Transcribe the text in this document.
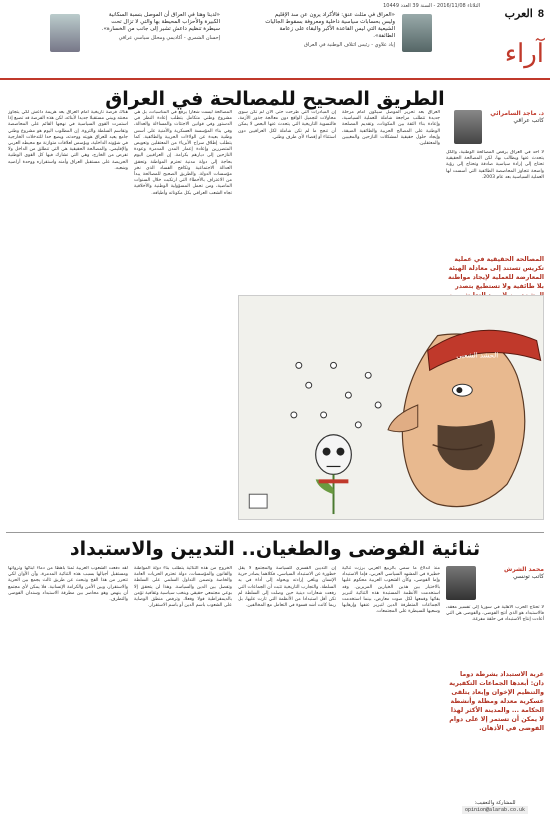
8 العرب
آراء
الثلاثاء 2016/11/08 - السنة 39 العدد 10449
«العراق في مثلث عنق: فالأكراد يرون عن سد الإقليم وليس بحسابات سياسية داخلية ومعروفة بسقوط الجاليات الشيعية التي ليس القاعدة الأكبر والبقاء على زعامة الطائفة».
إياد علاوي - رئيس ائتلاف الوطنية في العراق
«لدينا وهنا في العراق أن الموصل بنسبة السكانية الكبيرة والأحزاب المحيطة بها والتي لا تزال تحت سيطرة تنظيم داعش تشير إلى جانب من الخسارة».
إحسان الشمري - أكاديمي ومحلل سياسي عراقي
الطريق الصحيح للمصالحة في العراق
د. ماجد السامرائي
كاتب عراقي
لا أحد في العراق يرفض المصالحة الوطنية، والكل يتحدث عنها ويطالب بها، لكن المصالحة الحقيقية تحتاج إلى إرادة سياسية صادقة وتحتاج إلى رؤية واضحة تتجاوز المحاصصة الطائفية التي أسست لها العملية السياسية بعد عام 2003.
العراق بعد تحرير الموصل سيكون أمام مرحلة جديدة تتطلب مراجعة شاملة للعملية السياسية، وإعادة بناء الثقة بين المكونات، وتقديم المصلحة الوطنية على المصالح الحزبية والطائفية الضيقة، وإيجاد حلول حقيقية لمشكلات النازحين والمغيبين والمعتقلين.
إن المبادرات التي طرحت حتى الآن لم تكن سوى محاولات لتجميل الواقع دون معالجة جذور الأزمة، فالتسوية التاريخية التي يتحدث عنها البعض لا يمكن أن تنجح ما لم تكن شاملة لكل العراقيين دون استثناء أو إقصاء لأي طرف وطني.
المصالحة ليست شعارا يرفع في المناسبات، بل هي مشروع وطني متكامل يتطلب إعادة النظر في الدستور وفي قوانين الاجتثاث والمساءلة والعدالة، وفي بناء المؤسسة العسكرية والأمنية على أسس وطنية بعيدة عن الولاءات الحزبية والطائفية. كما يتطلب إطلاق سراح الأبرياء من المعتقلين وتعويض المتضررين وإعادة إعمار المدن المدمرة وعودة النازحين إلى ديارهم بكرامة. إن العراقيين اليوم بحاجة إلى دولة مدنية تحترم المواطنة وتحقق العدالة الاجتماعية وتكافح الفساد الذي نخر مؤسسات الدولة. والطريق الصحيح للمصالحة يبدأ من الاعتراف بالأخطاء التي ارتكبت خلال السنوات الماضية، ومن تحمل المسؤولية الوطنية والأخلاقية تجاه الشعب العراقي بكل مكوناته وأطيافه.
هناك فرصة تاريخية أمام العراق بعد هزيمة داعش لكي يتجاوز محنته ويبني مستقبلا جديدا لأبنائه، لكن هذه الفرصة قد تضيع إذا استمرت القوى السياسية في نهجها القائم على المحاصصة وتقاسم السلطة والثروة. إن المطلوب اليوم هو مشروع وطني جامع يعيد للعراق هويته ووحدته، ويضع حدا للتدخلات الخارجية في شؤونه الداخلية، ويؤسس لعلاقات متوازنة مع محيطه العربي والإقليمي. والمصالحة الحقيقية هي التي تنطلق من الداخل ولا تفرض من الخارج، وهي التي تشارك فيها كل القوى الوطنية الحريصة على مستقبل العراق وأمنه واستقراره ووحدة أراضيه وشعبه.
المصالحة الحقيقية في عملية تكريس تستند إلى معادلة الهيئة المعارضة للعملية لإيجاد مواطنة بلا طائفية ولا تستطيع بتصدر
الحشد الشعبي
ثنائية الفوضى والطغيان.. التديين والاستبداد
محمد الشرش
كاتب تونسي
لا تحتاج الحرب الأهلية في سوريا إلى تفسير معقد، فالاستبداد هو الذي أنتج الفوضى، والفوضى هي التي أعادت إنتاج الاستبداد في حلقة مفرغة.
منذ اندلاع ما سمي بالربيع العربي برزت ثنائية خطيرة في المشهد السياسي العربي، فإما الاستبداد وإما الفوضى، وكأن الشعوب العربية محكوم عليها بالاختيار بين هذين الخيارين المريرين. وقد استخدمت الأنظمة المستبدة هذه الثنائية لتبرير بقائها وقمعها لكل صوت معارض، بينما استخدمت الجماعات المتطرفة الدين لتبرير عنفها وإرهابها وسعيها للسيطرة على المجتمعات.
إن التديين القسري للسياسة والمجتمع لا يقل خطورة عن الاستبداد السياسي، فكلاهما يصادر حرية الإنسان ويلغي إرادته ويحوله إلى أداة في يد السلطة. والتجارب التاريخية تثبت أن الجماعات التي رفعت شعارات دينية حين وصلت إلى السلطة لم تكن أقل استبدادا من الأنظمة التي ثارت عليها، بل ربما كانت أشد قسوة في التعامل مع المخالفين.
الخروج من هذه الثنائية يتطلب بناء دولة المواطنة والقانون والمؤسسات، دولة تحترم الحريات العامة والخاصة وتضمن التداول السلمي على السلطة وتفصل بين الدين والسياسة. وهذا لن يتحقق إلا بوعي مجتمعي حقيقي وبنخب سياسية وثقافية تؤمن بالديمقراطية قولا وفعلا، وترفض منطق الوصاية على الشعوب باسم الدين أو باسم الاستقرار.
لقد دفعت الشعوب العربية ثمنا باهظا من دماء أبنائها وثرواتها ومستقبل أجيالها بسبب هذه الثنائية المدمرة، وآن الأوان لكي تتحرر من هذا الفخ وتبحث عن طريق ثالث يجمع بين الحرية والاستقرار، وبين الأمن والكرامة الإنسانية. فلا يمكن لأي مجتمع أن ينهض وهو محاصر بين مطرقة الاستبداد وسندان الفوضى والتطرف.
عربة الاستبداد بشرطة دوما دان: أبعدها الجماعات التكفيرية والتنظيم الإخوان وإبعاد يتلقى عسكرية معدلة ومظلة وأنشطة الحكامة ... والمدينة الأكثر لهذا لا يمكن أن تستمر إلا على دوام الفوضى في الأذهان.
للمشاركة والتعقيب:
opinion@alarab.co.uk
